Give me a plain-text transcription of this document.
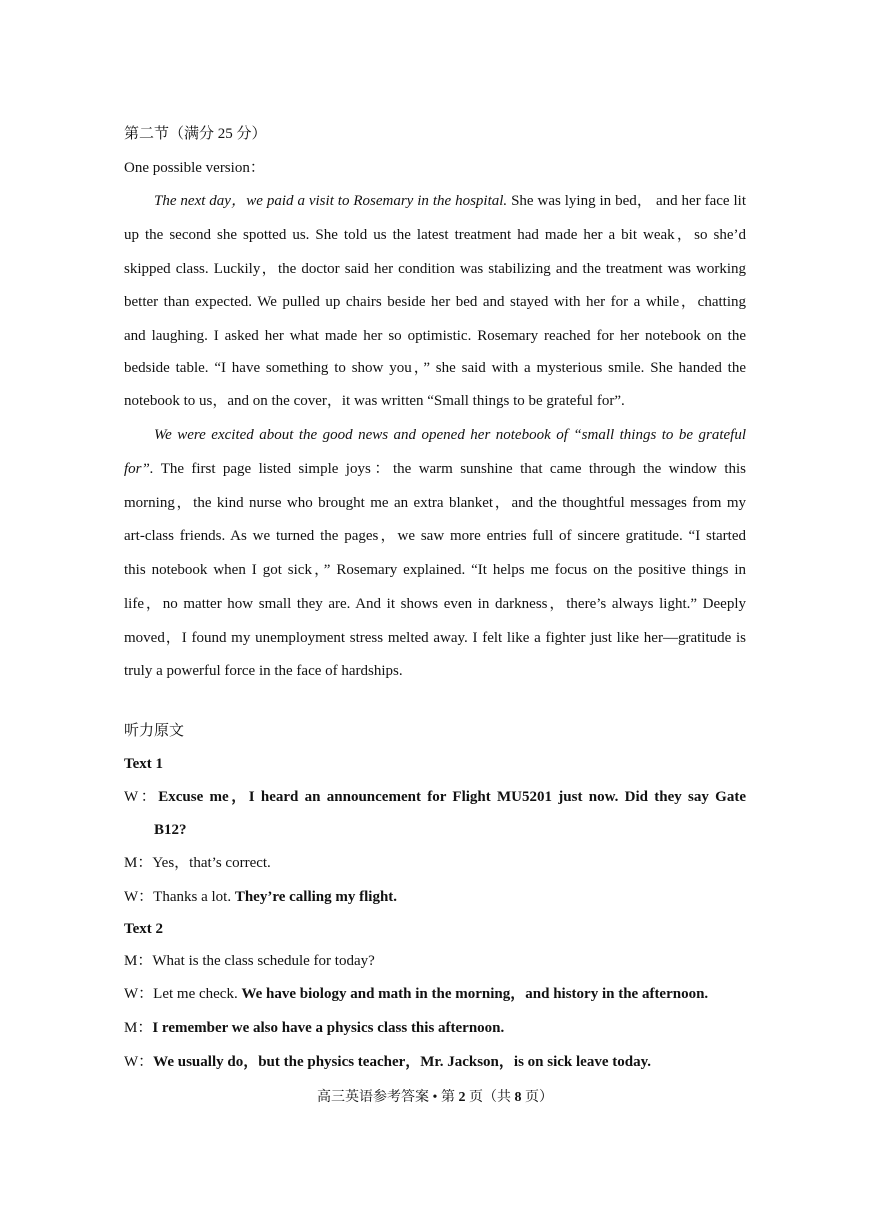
第二节（满分 25 分）
One possible version：
The next day，we paid a visit to Rosemary in the hospital. She was lying in bed， and her face lit
up the second she spotted us. She told us the latest treatment had made her a bit weak，so she’d
skipped class. Luckily，the doctor said her condition was stabilizing and the treatment was working
better than expected. We pulled up chairs beside her bed and stayed with her for a while，chatting
and laughing. I asked her what made her so optimistic. Rosemary reached for her notebook on the
bedside table. “I have something to show you，” she said with a mysterious smile. She handed the
notebook to us，and on the cover，it was written “Small things to be grateful for”.
We were excited about the good news and opened her notebook of “small things to be grateful
for”. The first page listed simple joys：the warm sunshine that came through the window this
morning，the kind nurse who brought me an extra blanket，and the thoughtful messages from my
art-class friends. As we turned the pages，we saw more entries full of sincere gratitude. “I started
this notebook when I got sick，” Rosemary explained. “It helps me focus on the positive things in
life，no matter how small they are. And it shows even in darkness，there’s always light.” Deeply
moved，I found my unemployment stress melted away. I felt like a fighter just like her—gratitude is
truly a powerful force in the face of hardships.
听力原文
Text 1
W：Excuse me，I heard an announcement for Flight MU5201 just now. Did they say Gate
B12?
M：Yes，that’s correct.
W：Thanks a lot. They’re calling my flight.
Text 2
M：What is the class schedule for today?
W：Let me check. We have biology and math in the morning，and history in the afternoon.
M：I remember we also have a physics class this afternoon.
W：We usually do，but the physics teacher，Mr. Jackson，is on sick leave today.
高三英语参考答案 • 第 2 页（共 8 页）
